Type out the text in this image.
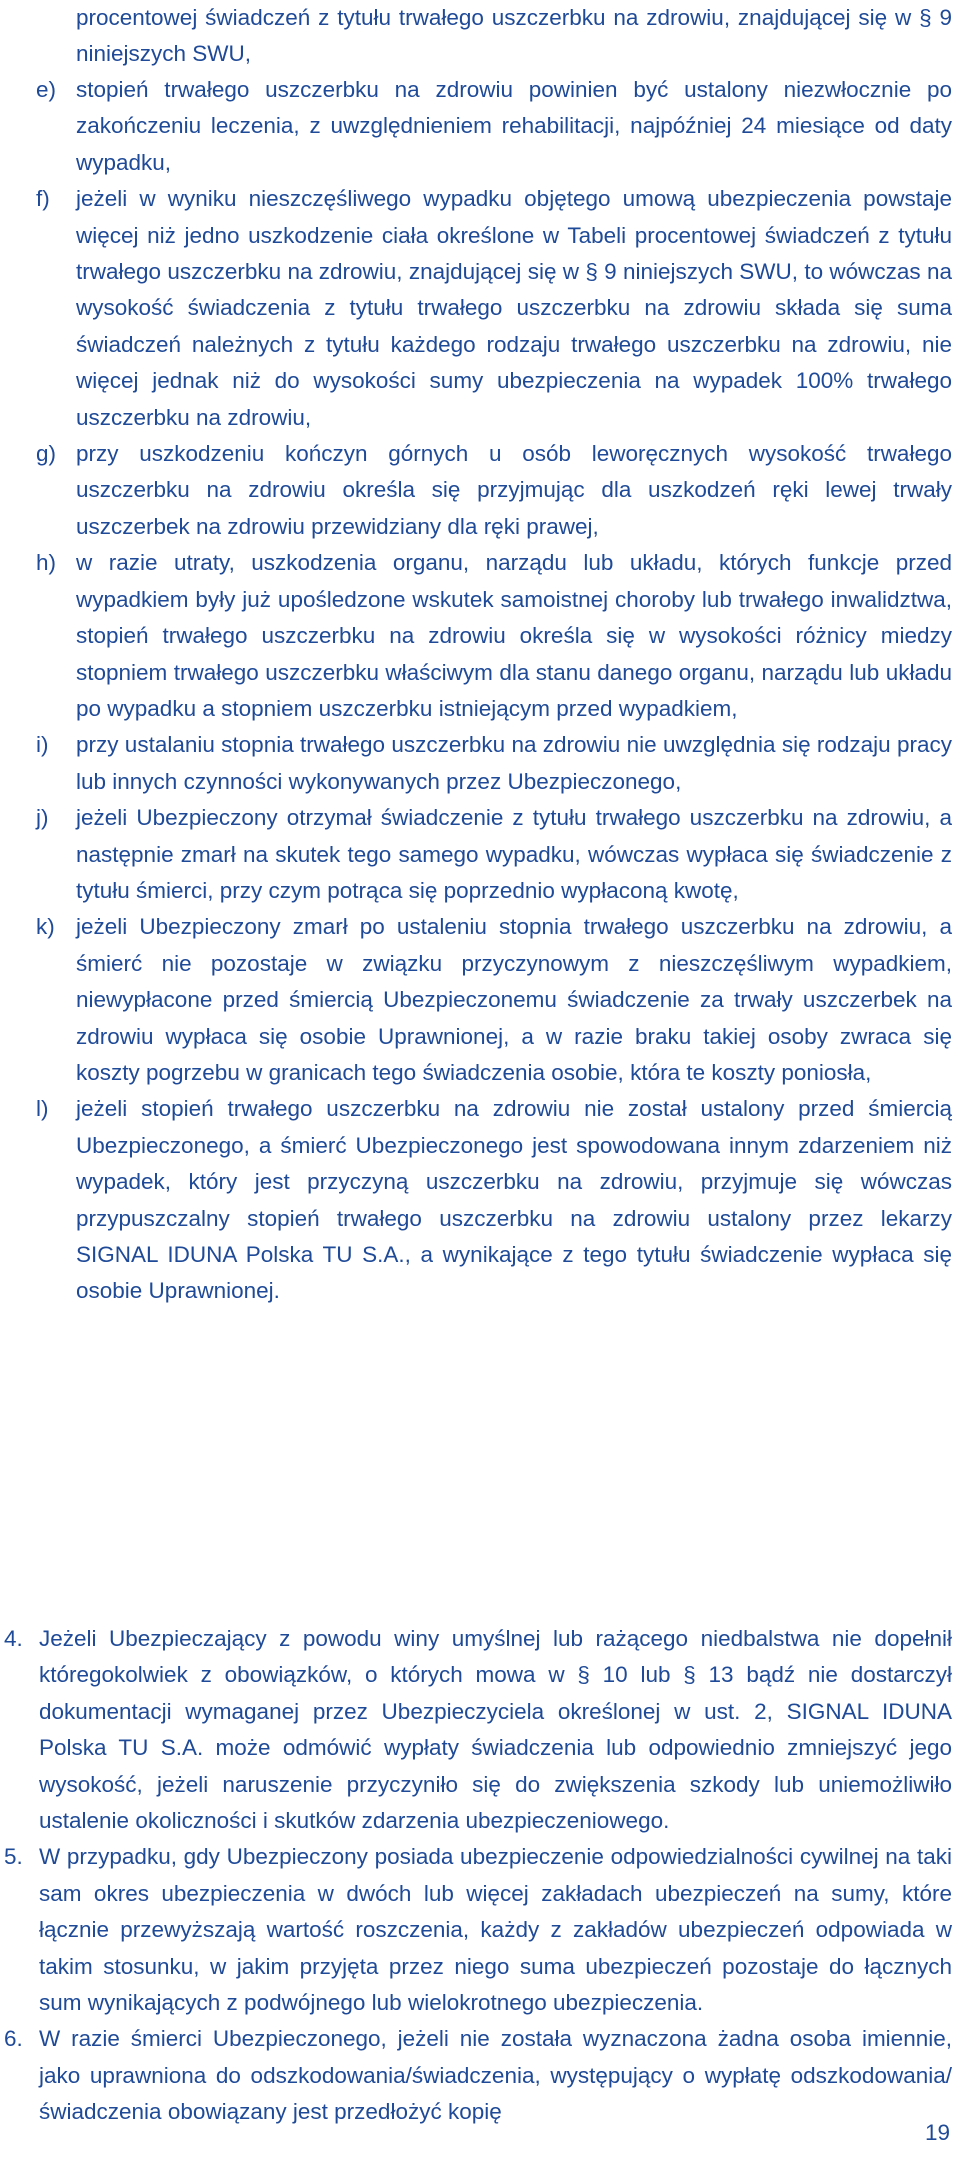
procentowej świadczeń z tytułu trwałego uszczerbku na zdrowiu, znajdującej się w § 9 niniejszych SWU,
e) stopień trwałego uszczerbku na zdrowiu powinien być ustalony niezwłocznie po zakończeniu leczenia, z uwzględnieniem rehabilitacji, najpóźniej 24 miesiące od daty wypadku,
f) jeżeli w wyniku nieszczęśliwego wypadku objętego umową ubezpieczenia powstaje więcej niż jedno uszkodzenie ciała określone w Tabeli procentowej świadczeń z tytułu trwałego uszczerbku na zdrowiu, znajdującej się w § 9 niniejszych SWU, to wówczas na wysokość świadczenia z tytułu trwałego uszczerbku na zdrowiu składa się suma świadczeń należnych z tytułu każdego rodzaju trwałego uszczerbku na zdrowiu, nie więcej jednak niż do wysokości sumy ubezpieczenia na wypadek 100% trwałego uszczerbku na zdrowiu,
g) przy uszkodzeniu kończyn górnych u osób leworęcznych wysokość trwałego uszczerbku na zdrowiu określa się przyjmując dla uszkodzeń ręki lewej trwały uszczerbek na zdrowiu przewidziany dla ręki prawej,
h) w razie utraty, uszkodzenia organu, narządu lub układu, których funkcje przed wypadkiem były już upośledzone wskutek samoistnej choroby lub trwałego inwalidztwa, stopień trwałego uszczerbku na zdrowiu określa się w wysokości różnicy miedzy stopniem trwałego uszczerbku właściwym dla stanu danego organu, narządu lub układu po wypadku a stopniem uszczerbku istniejącym przed wypadkiem,
i) przy ustalaniu stopnia trwałego uszczerbku na zdrowiu nie uwzględnia się rodzaju pracy lub innych czynności wykonywanych przez Ubezpieczonego,
j) jeżeli Ubezpieczony otrzymał świadczenie z tytułu trwałego uszczerbku na zdrowiu, a następnie zmarł na skutek tego samego wypadku, wówczas wypłaca się świadczenie z tytułu śmierci, przy czym potrąca się poprzednio wypłaconą kwotę,
k) jeżeli Ubezpieczony zmarł po ustaleniu stopnia trwałego uszczerbku na zdrowiu, a śmierć nie pozostaje w związku przyczynowym z nieszczęśliwym wypadkiem, niewypłacone przed śmiercią Ubezpieczonemu świadczenie za trwały uszczerbek na zdrowiu wypłaca się osobie Uprawnionej, a w razie braku takiej osoby zwraca się koszty pogrzebu w granicach tego świadczenia osobie, która te koszty poniosła,
l) jeżeli stopień trwałego uszczerbku na zdrowiu nie został ustalony przed śmiercią Ubezpieczonego, a śmierć Ubezpieczonego jest spowodowana innym zdarzeniem niż wypadek, który jest przyczyną uszczerbku na zdrowiu, przyjmuje się wówczas przypuszczalny stopień trwałego uszczerbku na zdrowiu ustalony przez lekarzy SIGNAL IDUNA Polska TU S.A., a wynikające z tego tytułu świadczenie wypłaca się osobie Uprawnionej.
4. Jeżeli Ubezpieczający z powodu winy umyślnej lub rażącego niedbalstwa nie dopełnił któregokolwiek z obowiązków, o których mowa w § 10 lub § 13 bądź nie dostarczył dokumentacji wymaganej przez Ubezpieczyciela określonej w ust. 2, SIGNAL IDUNA Polska TU S.A. może odmówić wypłaty świadczenia lub odpowiednio zmniejszyć jego wysokość, jeżeli naruszenie przyczyniło się do zwiększenia szkody lub uniemożliwiło ustalenie okoliczności i skutków zdarzenia ubezpieczeniowego.
5. W przypadku, gdy Ubezpieczony posiada ubezpieczenie odpowiedzialności cywilnej na taki sam okres ubezpieczenia w dwóch lub więcej zakładach ubezpieczeń na sumy, które łącznie przewyższają wartość roszczenia, każdy z zakładów ubezpieczeń odpowiada w takim stosunku, w jakim przyjęta przez niego suma ubezpieczeń pozostaje do łącznych sum wynikających z podwójnego lub wielokrotnego ubezpieczenia.
6. W razie śmierci Ubezpieczonego, jeżeli nie została wyznaczona żadna osoba imiennie, jako uprawniona do odszkodowania/świadczenia, występujący o wypłatę odszkodowania/świadczenia obowiązany jest przedłożyć kopię
19
